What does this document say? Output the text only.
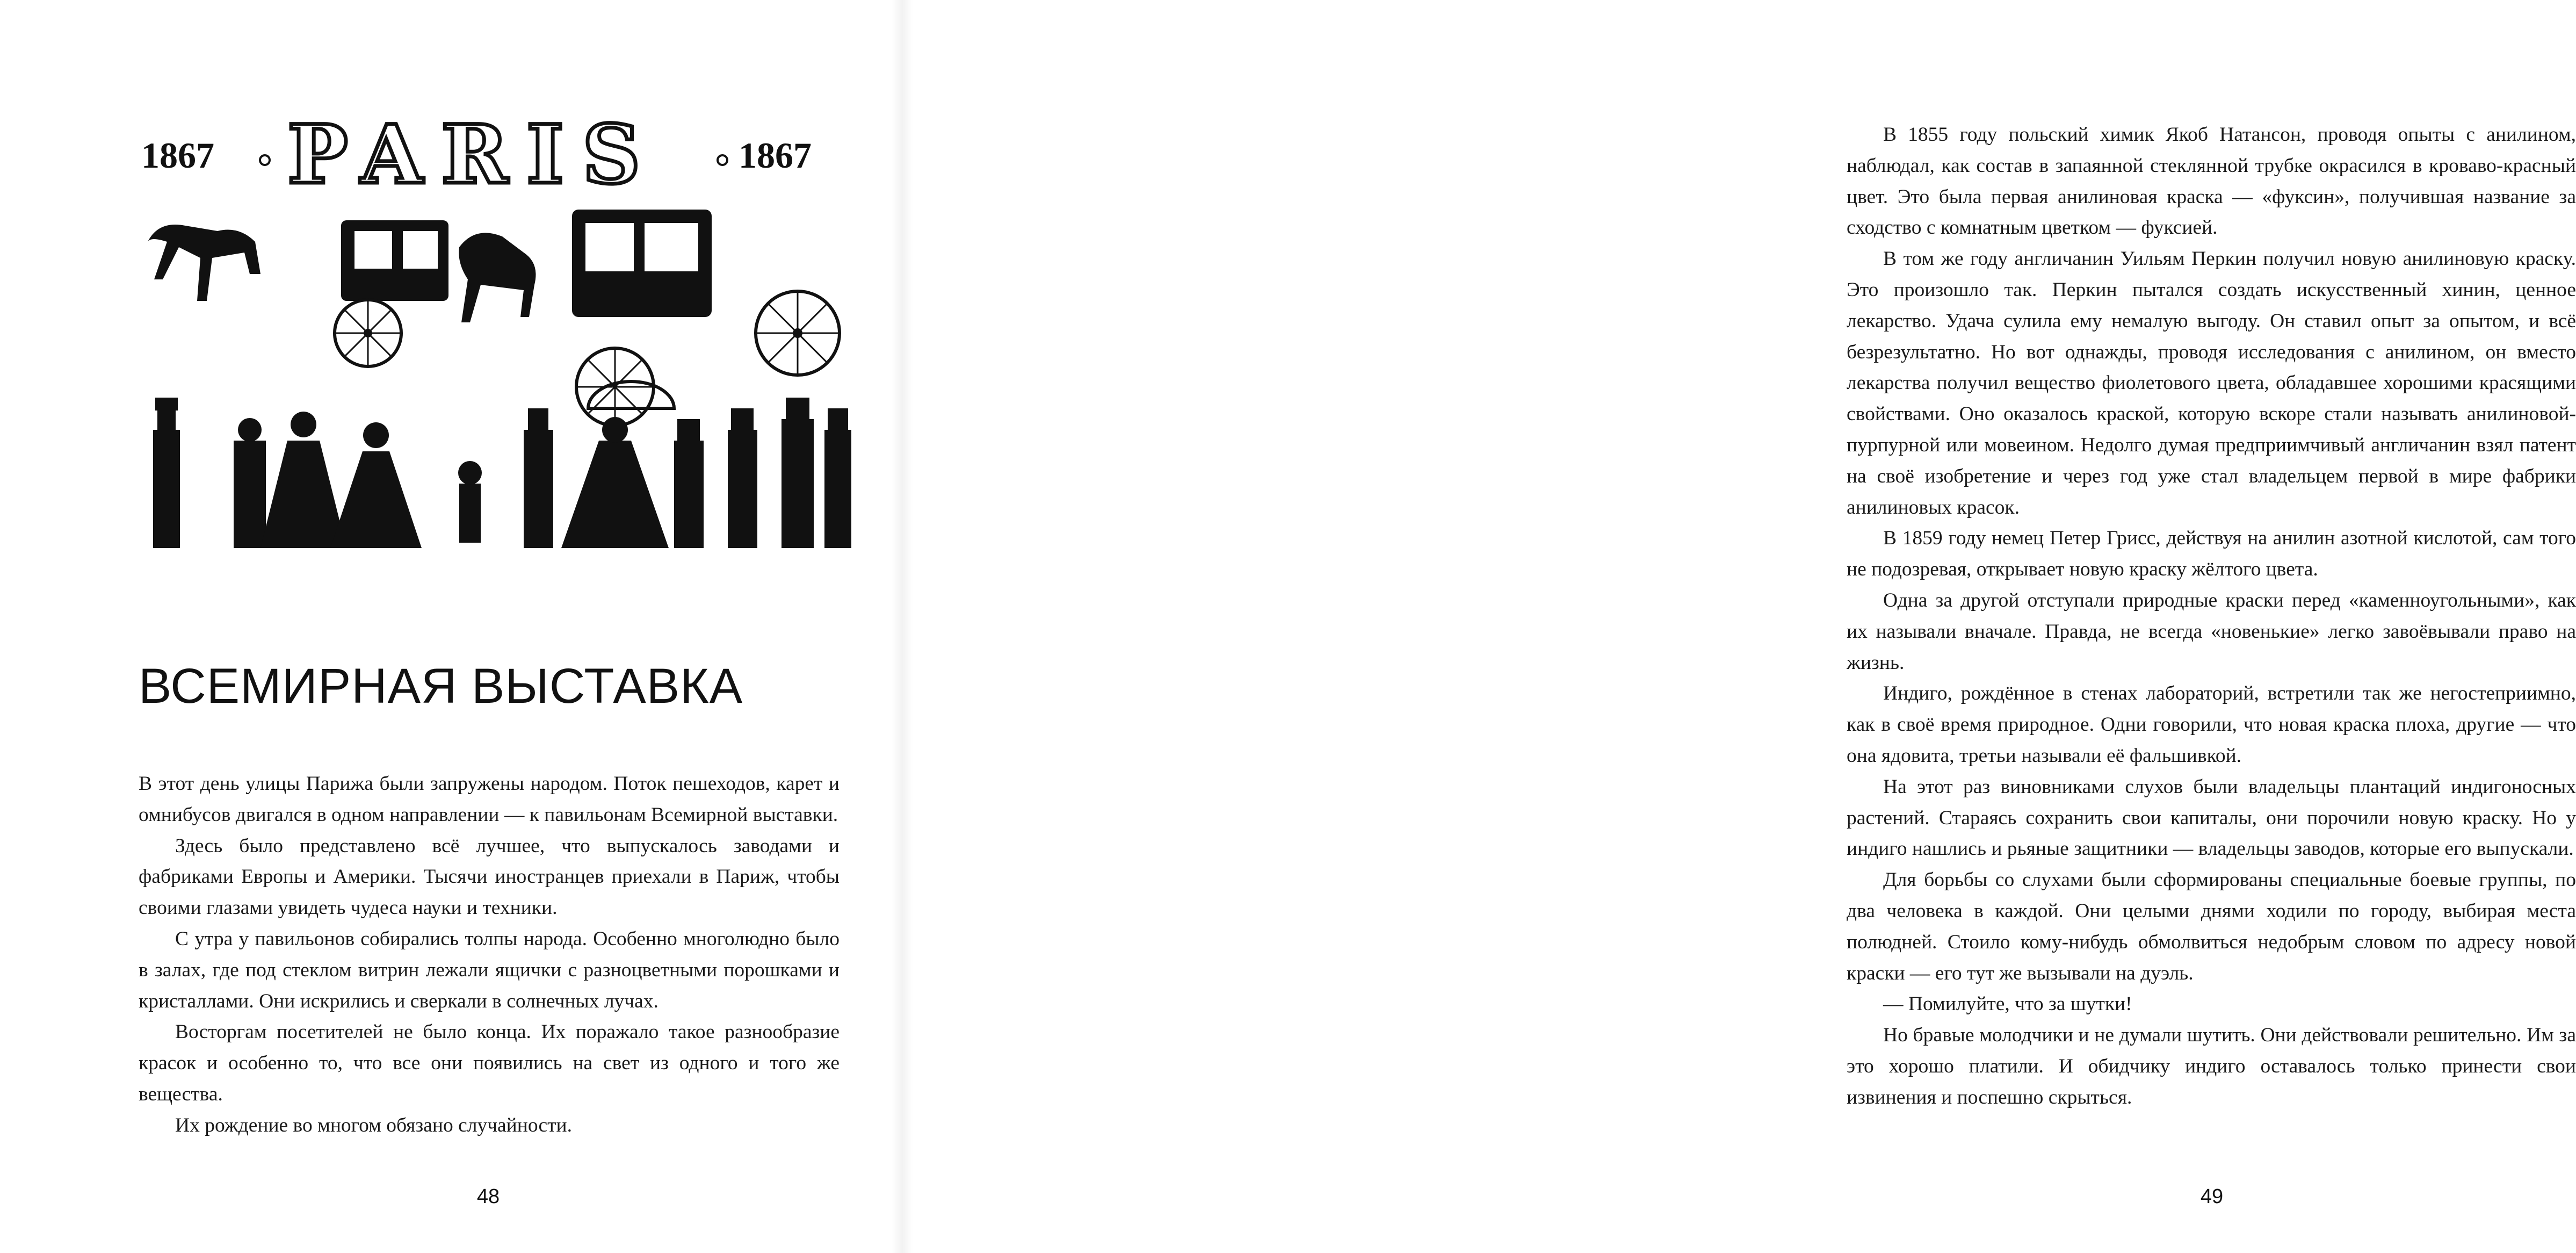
1867 PARIS 1867
ВСЕМИРНАЯ ВЫСТАВКА

В этот день улицы Парижа были запружены народом. Поток пешеходов, карет и омнибусов двигался в одном направлении — к павильонам Всемирной выставки.

Здесь было представлено всё лучшее, что выпускалось заводами и фабриками Европы и Америки. Тысячи иностранцев приехали в Париж, чтобы своими глазами увидеть чудеса науки и техники.

С утра у павильонов собирались толпы народа. Особенно многолюдно было в залах, где под стеклом витрин лежали ящички с разноцветными порошками и кристаллами. Они искрились и сверкали в солнечных лучах.

Восторгам посетителей не было конца. Их поражало такое разнообразие красок и особенно то, что все они появились на свет из одного и того же вещества.

Их рождение во многом обязано случайности.

48

В 1855 году польский химик Якоб Натансон, проводя опыты с анилином, наблюдал, как состав в запаянной стеклянной трубке окрасился в кроваво-красный цвет. Это была первая анилиновая краска — «фуксин», получившая название за сходство с комнатным цветком — фуксией.

В том же году англичанин Уильям Перкин получил новую анилиновую краску. Это произошло так. Перкин пытался создать искусственный хинин, ценное лекарство. Удача сулила ему немалую выгоду. Он ставил опыт за опытом, и всё безрезультатно. Но вот однажды, проводя исследования с анилином, он вместо лекарства получил вещество фиолетового цвета, обладавшее хорошими красящими свойствами. Оно оказалось краской, которую вскоре стали называть анилиновой-пурпурной или мовеином. Недолго думая предприимчивый англичанин взял патент на своё изобретение и через год уже стал владельцем первой в мире фабрики анилиновых красок.

В 1859 году немец Петер Грисс, действуя на анилин азотной кислотой, сам того не подозревая, открывает новую краску жёлтого цвета.

Одна за другой отступали природные краски перед «каменноугольными», как их называли вначале. Правда, не всегда «новенькие» легко завоёвывали право на жизнь.

Индиго, рождённое в стенах лабораторий, встретили так же негостеприимно, как в своё время природное. Одни говорили, что новая краска плоха, другие — что она ядовита, третьи называли её фальшивкой.

На этот раз виновниками слухов были владельцы плантаций индигоносных растений. Стараясь сохранить свои капиталы, они порочили новую краску. Но у индиго нашлись и рьяные защитники — владельцы заводов, которые его выпускали.

Для борьбы со слухами были сформированы специальные боевые группы, по два человека в каждой. Они целыми днями ходили по городу, выбирая места полюдней. Стоило кому-нибудь обмолвиться недобрым словом по адресу новой краски — его тут же вызывали на дуэль.

— Помилуйте, что за шутки!

Но бравые молодчики и не думали шутить. Они действовали решительно. Им за это хорошо платили. И обидчику индиго оставалось только принести свои извинения и поспешно скрыться.

49
